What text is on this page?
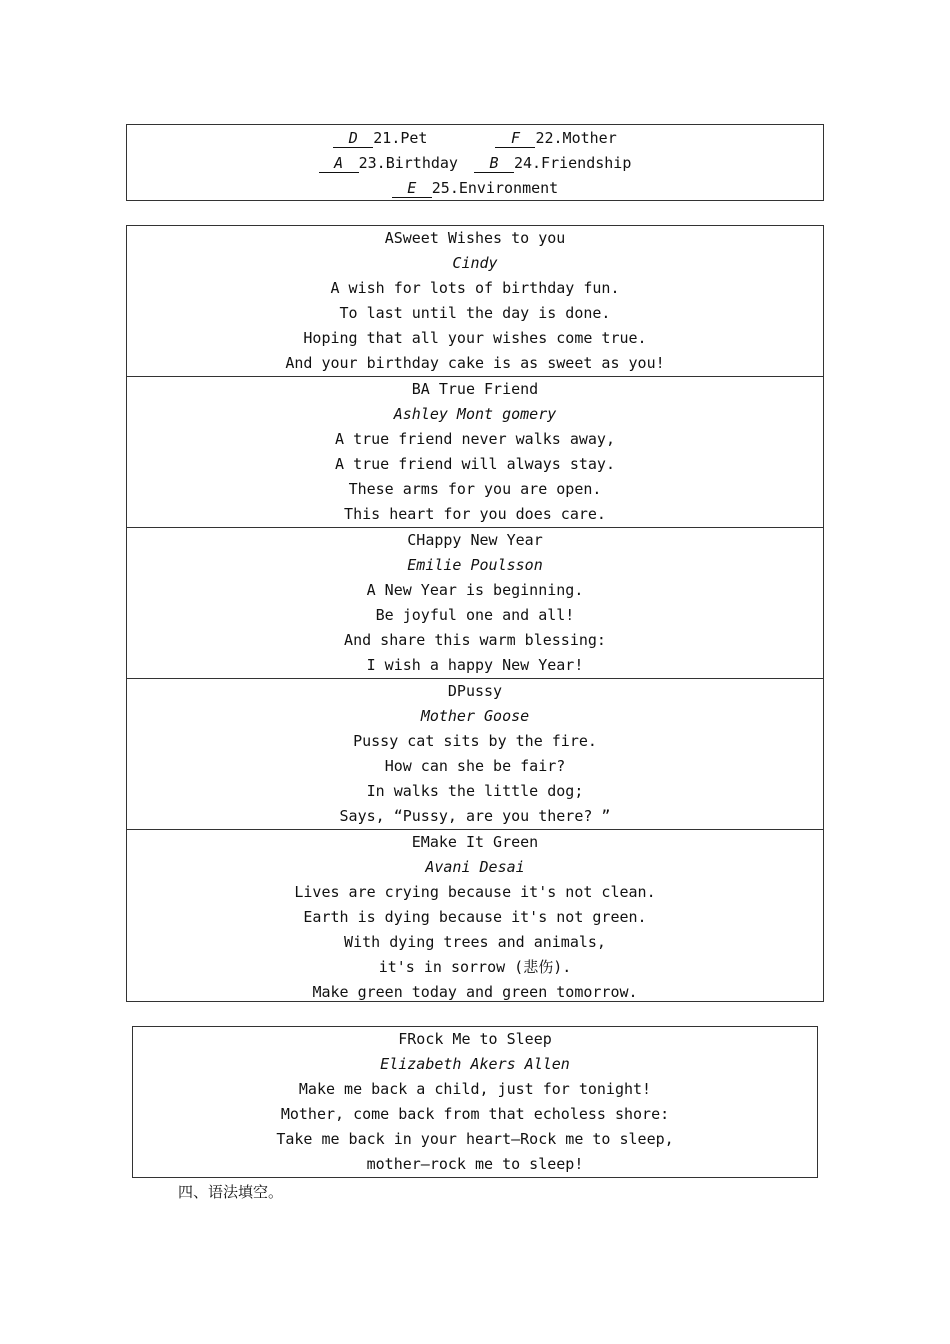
D 21.Pet	F 22.Mother
A 23.Birthday B 24.Friendship
E 25.Environment
ASweet Wishes to you
Cindy
A wish for lots of birthday fun.
To last until the day is done.
Hoping that all your wishes come true.
And your birthday cake is as sweet as you!
BA True Friend
Ashley Mont gomery
A true friend never walks away,
A true friend will always stay.
These arms for you are open.
This heart for you does care.
CHappy New Year
Emilie Poulsson
A New Year is beginning.
Be joyful one and all!
And share this warm blessing:
I wish a happy New Year!
DPussy
Mother Goose
Pussy cat sits by the fire.
How can she be fair?
In walks the little dog;
Says, “Pussy, are you there? ”
EMake It Green
Avani Desai
Lives are crying because it's not clean.
Earth is dying because it's not green.
With dying trees and animals,
it's in sorrow (悲伤).
Make green today and green tomorrow.
FRock Me to Sleep
Elizabeth Akers Allen
Make me back a child, just for tonight!
Mother, come back from that echoless shore:
Take me back in your heart—Rock me to sleep,
mother—rock me to sleep!
四、语法填空。
